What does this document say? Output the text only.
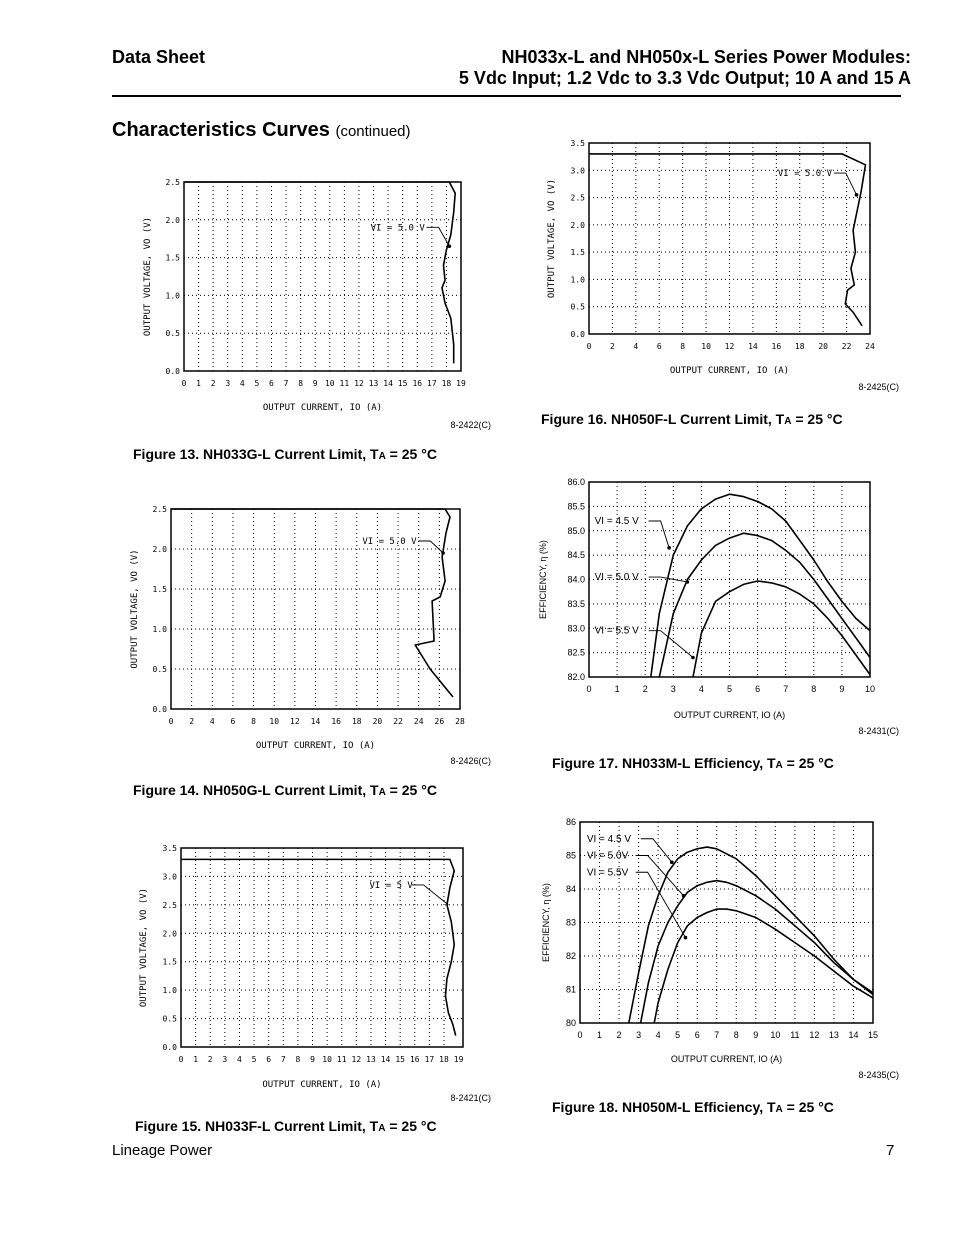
Data Sheet	NH033x-L and NH050x-L Series Power Modules:
5 Vdc Input; 1.2 Vdc to 3.3 Vdc Output; 10 A and 15 A
Characteristics Curves (continued)
0 1 2 3 4 5 6 7 8 9 10 11 12 13 14 15 16 17 18 19
0.0
0.5
1.0
1.5
2.0
2.5
OUTPUT CURRENT, IO (A)
OUTPUT VOLTAGE, VO (V)
8-2422(C)
VI = 5.0 V
0 2 4 6 8 10 12 14 16 18 20 22 24
0.0
0.5
1.0
1.5
2.0
2.5
3.0
3.5
OUTPUT CURRENT, IO (A)
OUTPUT VOLTAGE, VO (V)
8-2425(C)
VI = 5.0 V
0 2 4 6 8 10 12 14 16 18 20 22 24 26 28
0.0
0.5
1.0
1.5
2.0
2.5
OUTPUT CURRENT, IO (A)
OUTPUT VOLTAGE, VO (V)
8-2426(C)
VI = 5.0 V
0	1	2	3	4	5	6	7	8	9 10
82.0
82.5
83.0
83.5
84.0
84.5
85.0
85.5
86.0
OUTPUT CURRENT, IO (A)
EFFICIENCY, η (%)
8-2431(C)
VI = 4.5 V
VI = 5.0 V
VI = 5.5 V
0 1 2 3 4 5 6 7 8 9 10 11 12 13 14 15
80
81
82
83
84
85
86
OUTPUT CURRENT, IO (A)
EFFICIENCY, η (%)
8-2435(C)
VI = 4.5 V
VI = 5.0V
VI = 5.5V
Figure 13. NH033G-L Current Limit, TA = 25 °C
Figure 16. NH050F-L Current Limit, TA = 25 °C
Figure 14. NH050G-L Current Limit, TA = 25 °C
Figure 17. NH033M-L Efficiency, TA = 25 °C
Figure 18. NH050M-L Efficiency, TA = 25 °C
Figure 15. NH033F-L Current Limit, TA = 25 °C
Lineage Power	7
0 1 2 3 4 5 6 7 8 9 10 11 12 13 14 15 16 17 18 19
0.0
0.5
1.0
1.5
2.0
2.5
3.0
3.5
OUTPUT CURRENT, IO (A)
OUTPUT VOLTAGE, VO (V)
8-2421(C)
VI = 5 V
